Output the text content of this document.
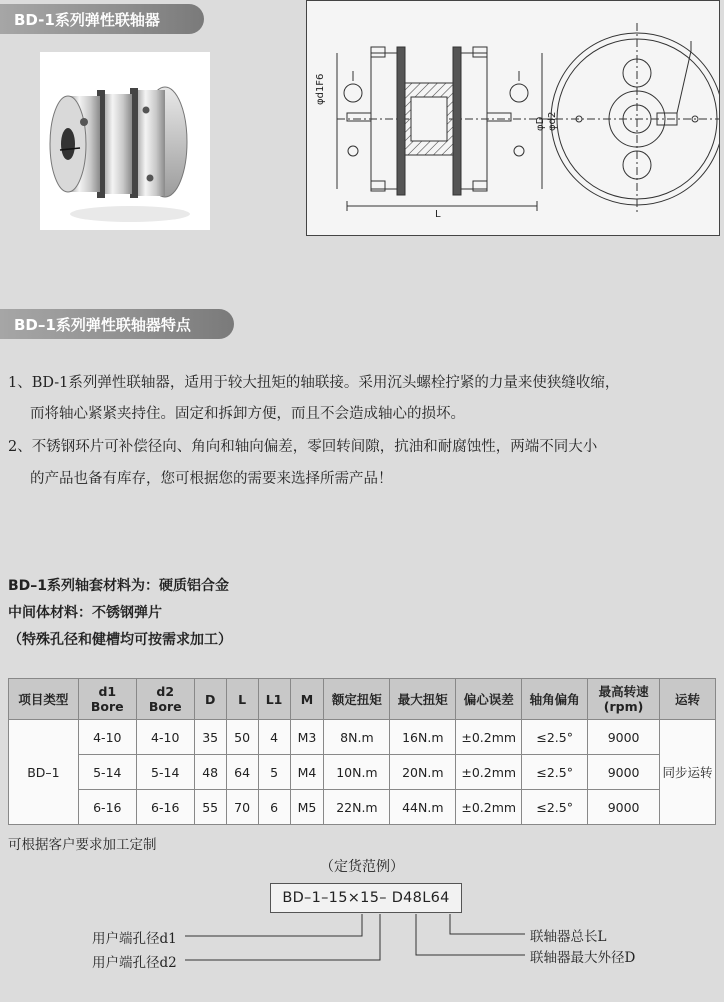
BD-1系列弹性联轴器
φd1F6
φD φd2
L
BD–1系列弹性联轴器特点
1、BD-1系列弹性联轴器，适用于较大扭矩的轴联接。采用沉头螺栓拧紧的力量来使狭缝收缩，
而将轴心紧紧夹持住。固定和拆卸方便，而且不会造成轴心的损坏。
2、不锈钢环片可补偿径向、角向和轴向偏差，零回转间隙，抗油和耐腐蚀性，两端不同大小
的产品也备有库存，您可根据您的需要来选择所需产品！
BD–1系列轴套材料为：硬质铝合金
中间体材料：不锈钢弹片
（特殊孔径和健槽均可按需求加工）
项目类型	d1 Bore	d2 Bore	D	L	L1	M	额定扭矩	最大扭矩	偏心误差	轴角偏角	最高转速 (rpm)	运转
BD–1	4-10	4-10	35	50	4	M3	8N.m	16N.m	±0.2mm	≤2.5°	9000	同步运转
	5-14	5-14	48	64	5	M4	10N.m	20N.m	±0.2mm	≤2.5°	9000	
	6-16	6-16	55	70	6	M5	22N.m	44N.m	±0.2mm	≤2.5°	9000	
可根据客户要求加工定制
（定货范例）
BD–1–15×15– D48L64
用户端孔径d1
用户端孔径d2
联轴器总长L
联轴器最大外径D
